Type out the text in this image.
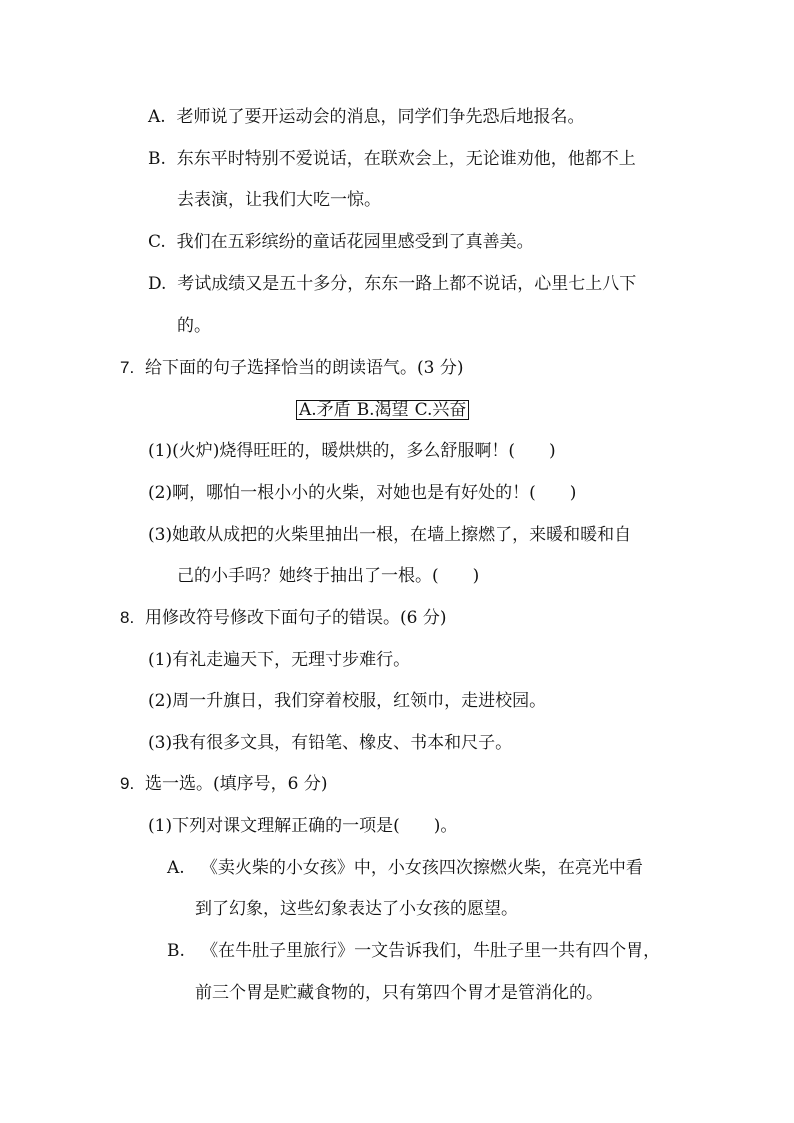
A. 老师说了要开运动会的消息，同学们争先恐后地报名。
B. 东东平时特别不爱说话，在联欢会上，无论谁劝他，他都不上
去表演，让我们大吃一惊。
C. 我们在五彩缤纷的童话花园里感受到了真善美。
D. 考试成绩又是五十多分，东东一路上都不说话，心里七上八下
的。
7. 给下面的句子选择恰当的朗读语气。(3 分)
A.矛盾 B.渴望 C.兴奋
(1)(火炉)烧得旺旺的，暖烘烘的，多么舒服啊！(　　)
(2)啊，哪怕一根小小的火柴，对她也是有好处的！(　　)
(3)她敢从成把的火柴里抽出一根，在墙上擦燃了，来暖和暖和自
己的小手吗？她终于抽出了一根。(　　)
8. 用修改符号修改下面句子的错误。(6 分)
(1)有礼走遍天下，无理寸步难行。
(2)周一升旗日，我们穿着校服，红领巾，走进校园。
(3)我有很多文具，有铅笔、橡皮、书本和尺子。
9. 选一选。(填序号，6 分)
(1)下列对课文理解正确的一项是(　　)。
A. 《卖火柴的小女孩》中，小女孩四次擦燃火柴，在亮光中看
到了幻象，这些幻象表达了小女孩的愿望。
B. 《在牛肚子里旅行》一文告诉我们，牛肚子里一共有四个胃，
前三个胃是贮藏食物的，只有第四个胃才是管消化的。
